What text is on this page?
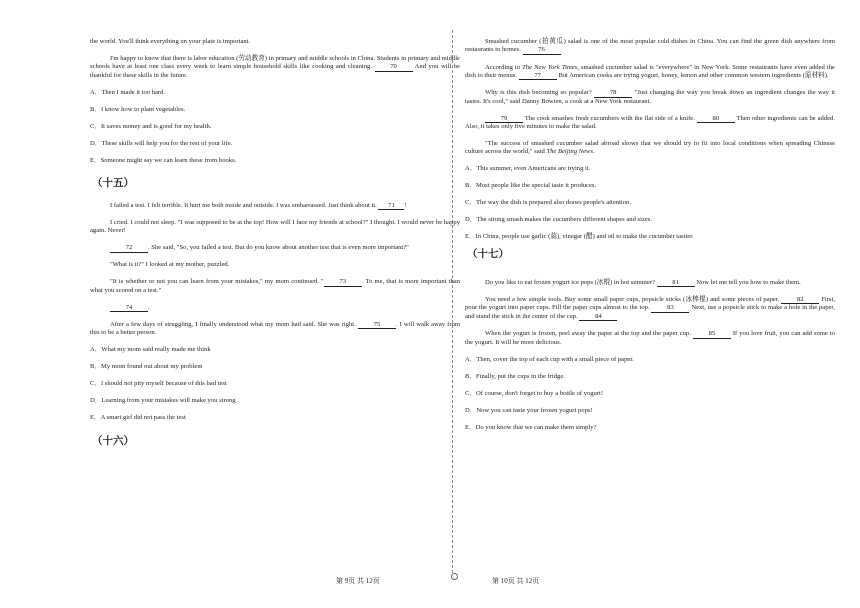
the world. You'll think everything on your plate is important.

I'm happy to know that there is labor education (劳动教育) in primary and middle schools in China. Students in primary and middle schools have at least one class every week to learn simple household skills like cooking and cleaning.	70	And you will be thankful for these skills in the future.

A．Then I made it too hard.

B．I know how to plant vegetables.

C．It saves money and is good for my health.

D．These skills will help you for the rest of your life.

E．Someone might say we can learn these from books.

（十五）

I failed a test. I felt terrible. It hurt me both inside and outside. I was embarrassed. Just think about it. 71 !

I cried. I could not sleep. "I was supposed to be at the top! How will I face my friends at school?" I thought. I would never be happy again. Never!

72 . She said, "So, you failed a test. But do you know about another test that is even more important?"

"What is it?" I looked at my mother, puzzled.

"It is whether or not you can learn from your mistakes," my mom continued. " 73 . To me, that is more important than what you scored on a test."

74 .

After a few days of struggling, I finally understood what my mom had said. She was right.	75 . I will walk away from this to be a better person.

A．What my mom said really made me think

B．My mom found out about my problem

C．I should not pity myself because of this bad test

D．Learning from your mistakes will make you strong

E．A smart girl did not pass the test

（十六）

Smashed cucumber (拍黄瓜) salad is one of the most popular cold dishes in China. You can find the green dish anywhere from restaurants to homes.	76

According to The New York Times, smashed cucumber salad is "everywhere" in New York. Some restaurants have even added the dish to their menus.	77	But American cooks are trying yogurt, honey, lemon and other common western ingredients (原材料).

Why is this dish becoming so popular?	78	"Just changing the way you break down an ingredient changes the way it tastes. It's cool," said Danny Bowien, a cook at a New York restaurant.

79	The cook smashes fresh cucumbers with the flat side of a knife.	80	Then other ingredients can be added. Also, it takes only five minutes to make the salad.

"The success of smashed cucumber salad abroad shows that we should try to fit into local conditions when spreading Chinese culture across the world," said The Beijing News.

A．This summer, even Americans are trying it.

B．Most people like the special taste it produces.

C．The way the dish is prepared also draws people's attention.

D．The strong smash makes the cucumbers different shapes and sizes.

E．In China, people use garlic (蒜), vinegar (醋) and oil to make the cucumber tastier.

（十七）

Do you like to eat frozen yogurt ice pops (冰棍) in hot summer?	81	Now let me tell you how to make them.

You need a few simple tools. Buy some small paper cups, popsicle sticks (冰棒棍) and some pieces of paper.	82	First, pour the yogurt into paper cups. Fill the paper cups almost to the top.	83	Next, use a popsicle stick to make a hole in the paper, and stand the stick in the center of the cup.	84

When the yogurt is frozen, peel away the paper at the top and the paper cup.	85	If you love fruit, you can add some to the yogurt. It will be more delicious.

A．Then, cover the top of each cup with a small piece of paper.

B．Finally, put the cups in the fridge.

C．Of course, don't forget to buy a bottle of yogurt!

D．Now you can taste your frozen yogurt pops!

E．Do you know that we can make them simply?

第 9页 共 12页	第 10页 共 12页
